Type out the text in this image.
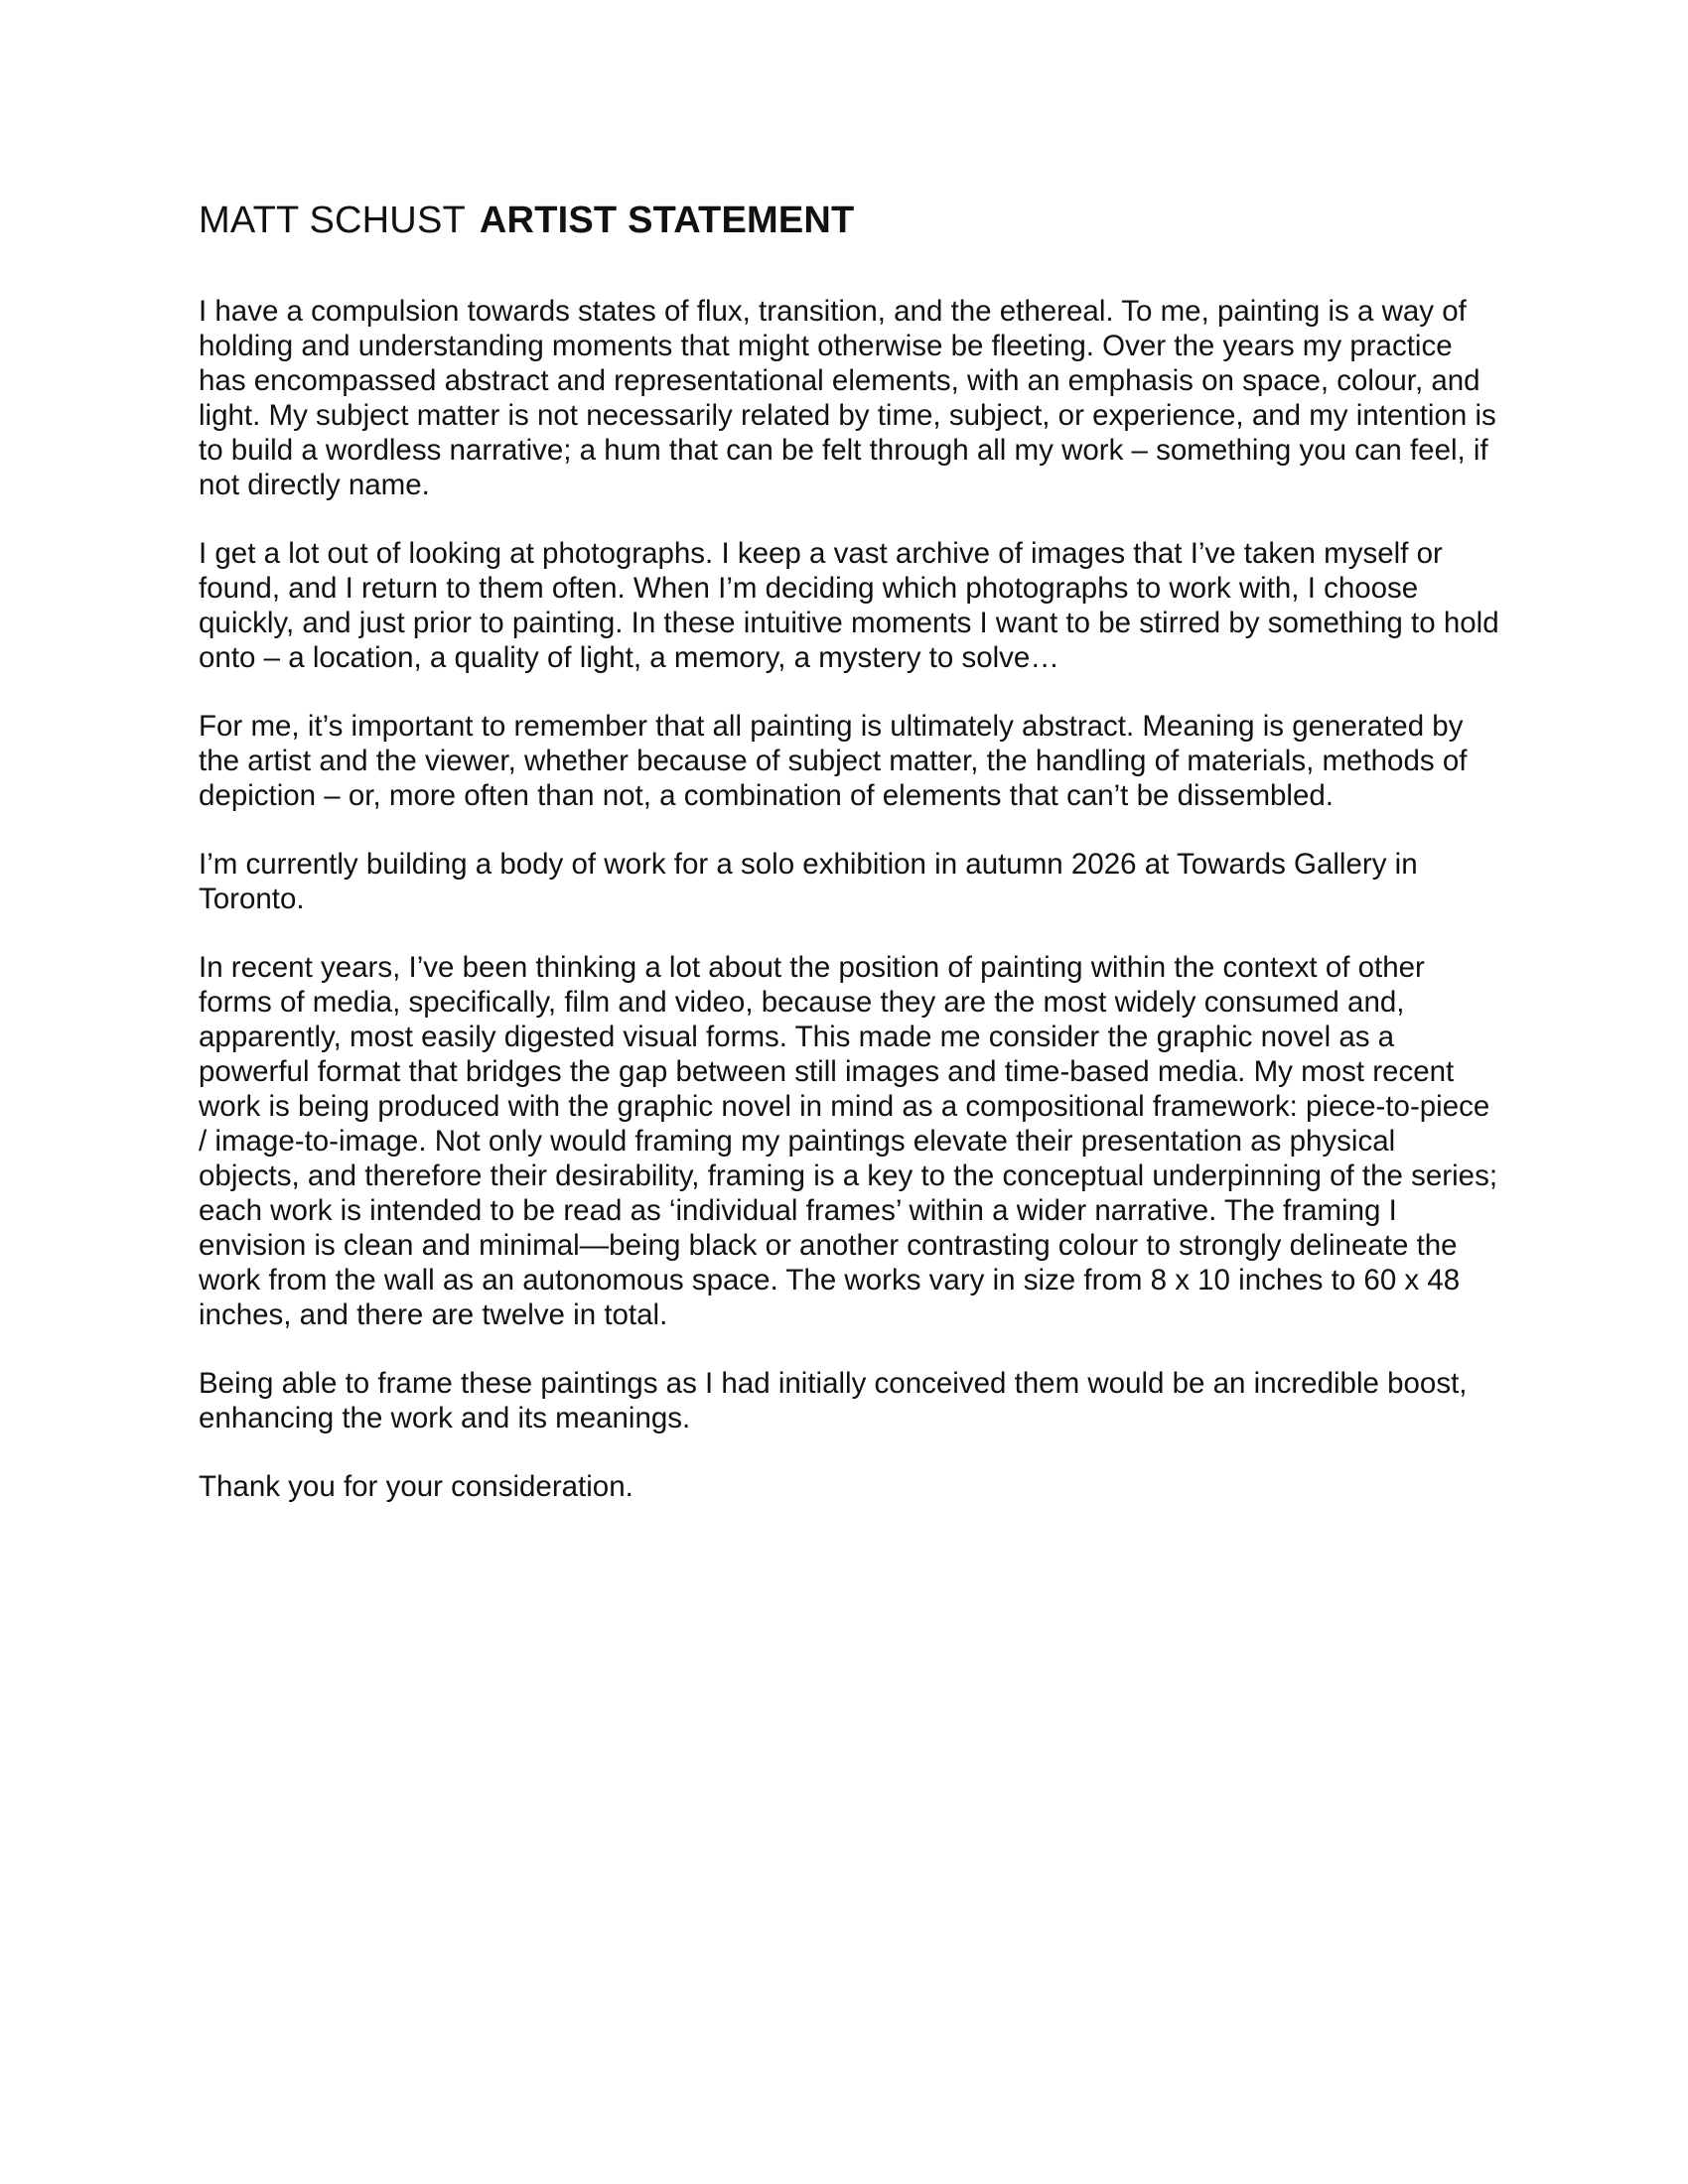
MATT SCHUST ARTIST STATEMENT

I have a compulsion towards states of flux, transition, and the ethereal. To me, painting is a way of holding and understanding moments that might otherwise be fleeting. Over the years my practice has encompassed abstract and representational elements, with an emphasis on space, colour, and light. My subject matter is not necessarily related by time, subject, or experience, and my intention is to build a wordless narrative; a hum that can be felt through all my work – something you can feel, if not directly name.

I get a lot out of looking at photographs. I keep a vast archive of images that I’ve taken myself or found, and I return to them often. When I’m deciding which photographs to work with, I choose quickly, and just prior to painting. In these intuitive moments I want to be stirred by something to hold onto – a location, a quality of light, a memory, a mystery to solve…

For me, it’s important to remember that all painting is ultimately abstract. Meaning is generated by the artist and the viewer, whether because of subject matter, the handling of materials, methods of depiction – or, more often than not, a combination of elements that can’t be dissembled.

I’m currently building a body of work for a solo exhibition in autumn 2026 at Towards Gallery in Toronto.

In recent years, I’ve been thinking a lot about the position of painting within the context of other forms of media, specifically, film and video, because they are the most widely consumed and, apparently, most easily digested visual forms. This made me consider the graphic novel as a powerful format that bridges the gap between still images and time-based media. My most recent work is being produced with the graphic novel in mind as a compositional framework: piece-to-piece / image-to-image. Not only would framing my paintings elevate their presentation as physical objects, and therefore their desirability, framing is a key to the conceptual underpinning of the series; each work is intended to be read as ‘individual frames’ within a wider narrative. The framing I envision is clean and minimal—being black or another contrasting colour to strongly delineate the work from the wall as an autonomous space. The works vary in size from 8 x 10 inches to 60 x 48 inches, and there are twelve in total.

Being able to frame these paintings as I had initially conceived them would be an incredible boost, enhancing the work and its meanings.

Thank you for your consideration.
